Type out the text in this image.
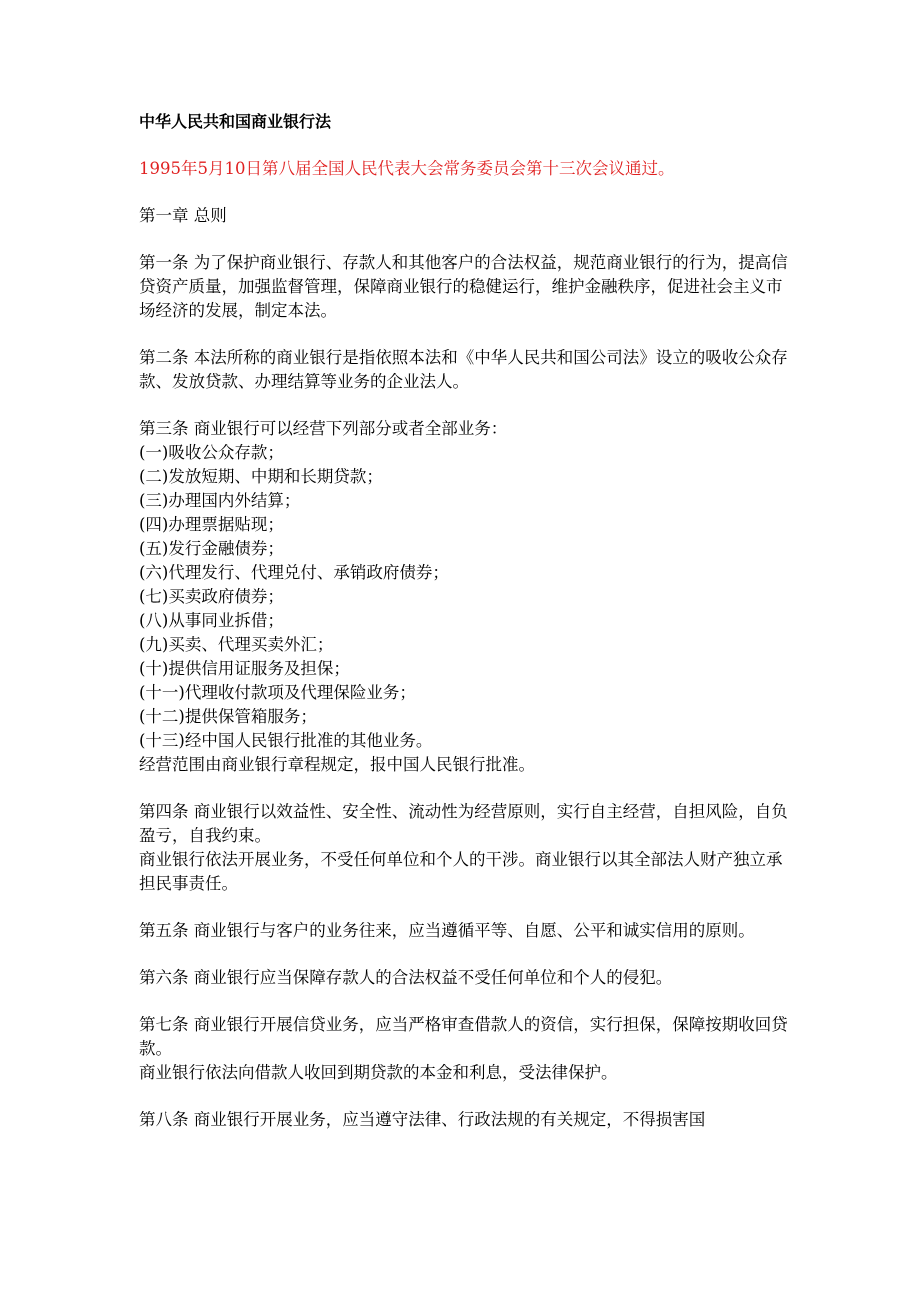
中华人民共和国商业银行法
1995年5月10日第八届全国人民代表大会常务委员会第十三次会议通过。
第一章 总则

第一条 为了保护商业银行、存款人和其他客户的合法权益，规范商业银行的行为，提高信贷资产质量，加强监督管理，保障商业银行的稳健运行，维护金融秩序，促进社会主义市场经济的发展，制定本法。

第二条 本法所称的商业银行是指依照本法和《中华人民共和国公司法》设立的吸收公众存款、发放贷款、办理结算等业务的企业法人。

第三条 商业银行可以经营下列部分或者全部业务：

(一)吸收公众存款；
(二)发放短期、中期和长期贷款；
(三)办理国内外结算；
(四)办理票据贴现；
(五)发行金融债券；
(六)代理发行、代理兑付、承销政府债券；
(七)买卖政府债券；
(八)从事同业拆借；
(九)买卖、代理买卖外汇；
(十)提供信用证服务及担保；
(十一)代理收付款项及代理保险业务；
(十二)提供保管箱服务；
(十三)经中国人民银行批准的其他业务。

经营范围由商业银行章程规定，报中国人民银行批准。

第四条 商业银行以效益性、安全性、流动性为经营原则，实行自主经营，自担风险，自负盈亏，自我约束。

商业银行依法开展业务，不受任何单位和个人的干涉。商业银行以其全部法人财产独立承担民事责任。

第五条 商业银行与客户的业务往来，应当遵循平等、自愿、公平和诚实信用的原则。

第六条 商业银行应当保障存款人的合法权益不受任何单位和个人的侵犯。

第七条 商业银行开展信贷业务，应当严格审查借款人的资信，实行担保，保障按期收回贷款。

商业银行依法向借款人收回到期贷款的本金和利息，受法律保护。

第八条 商业银行开展业务，应当遵守法律、行政法规的有关规定，不得损害国
